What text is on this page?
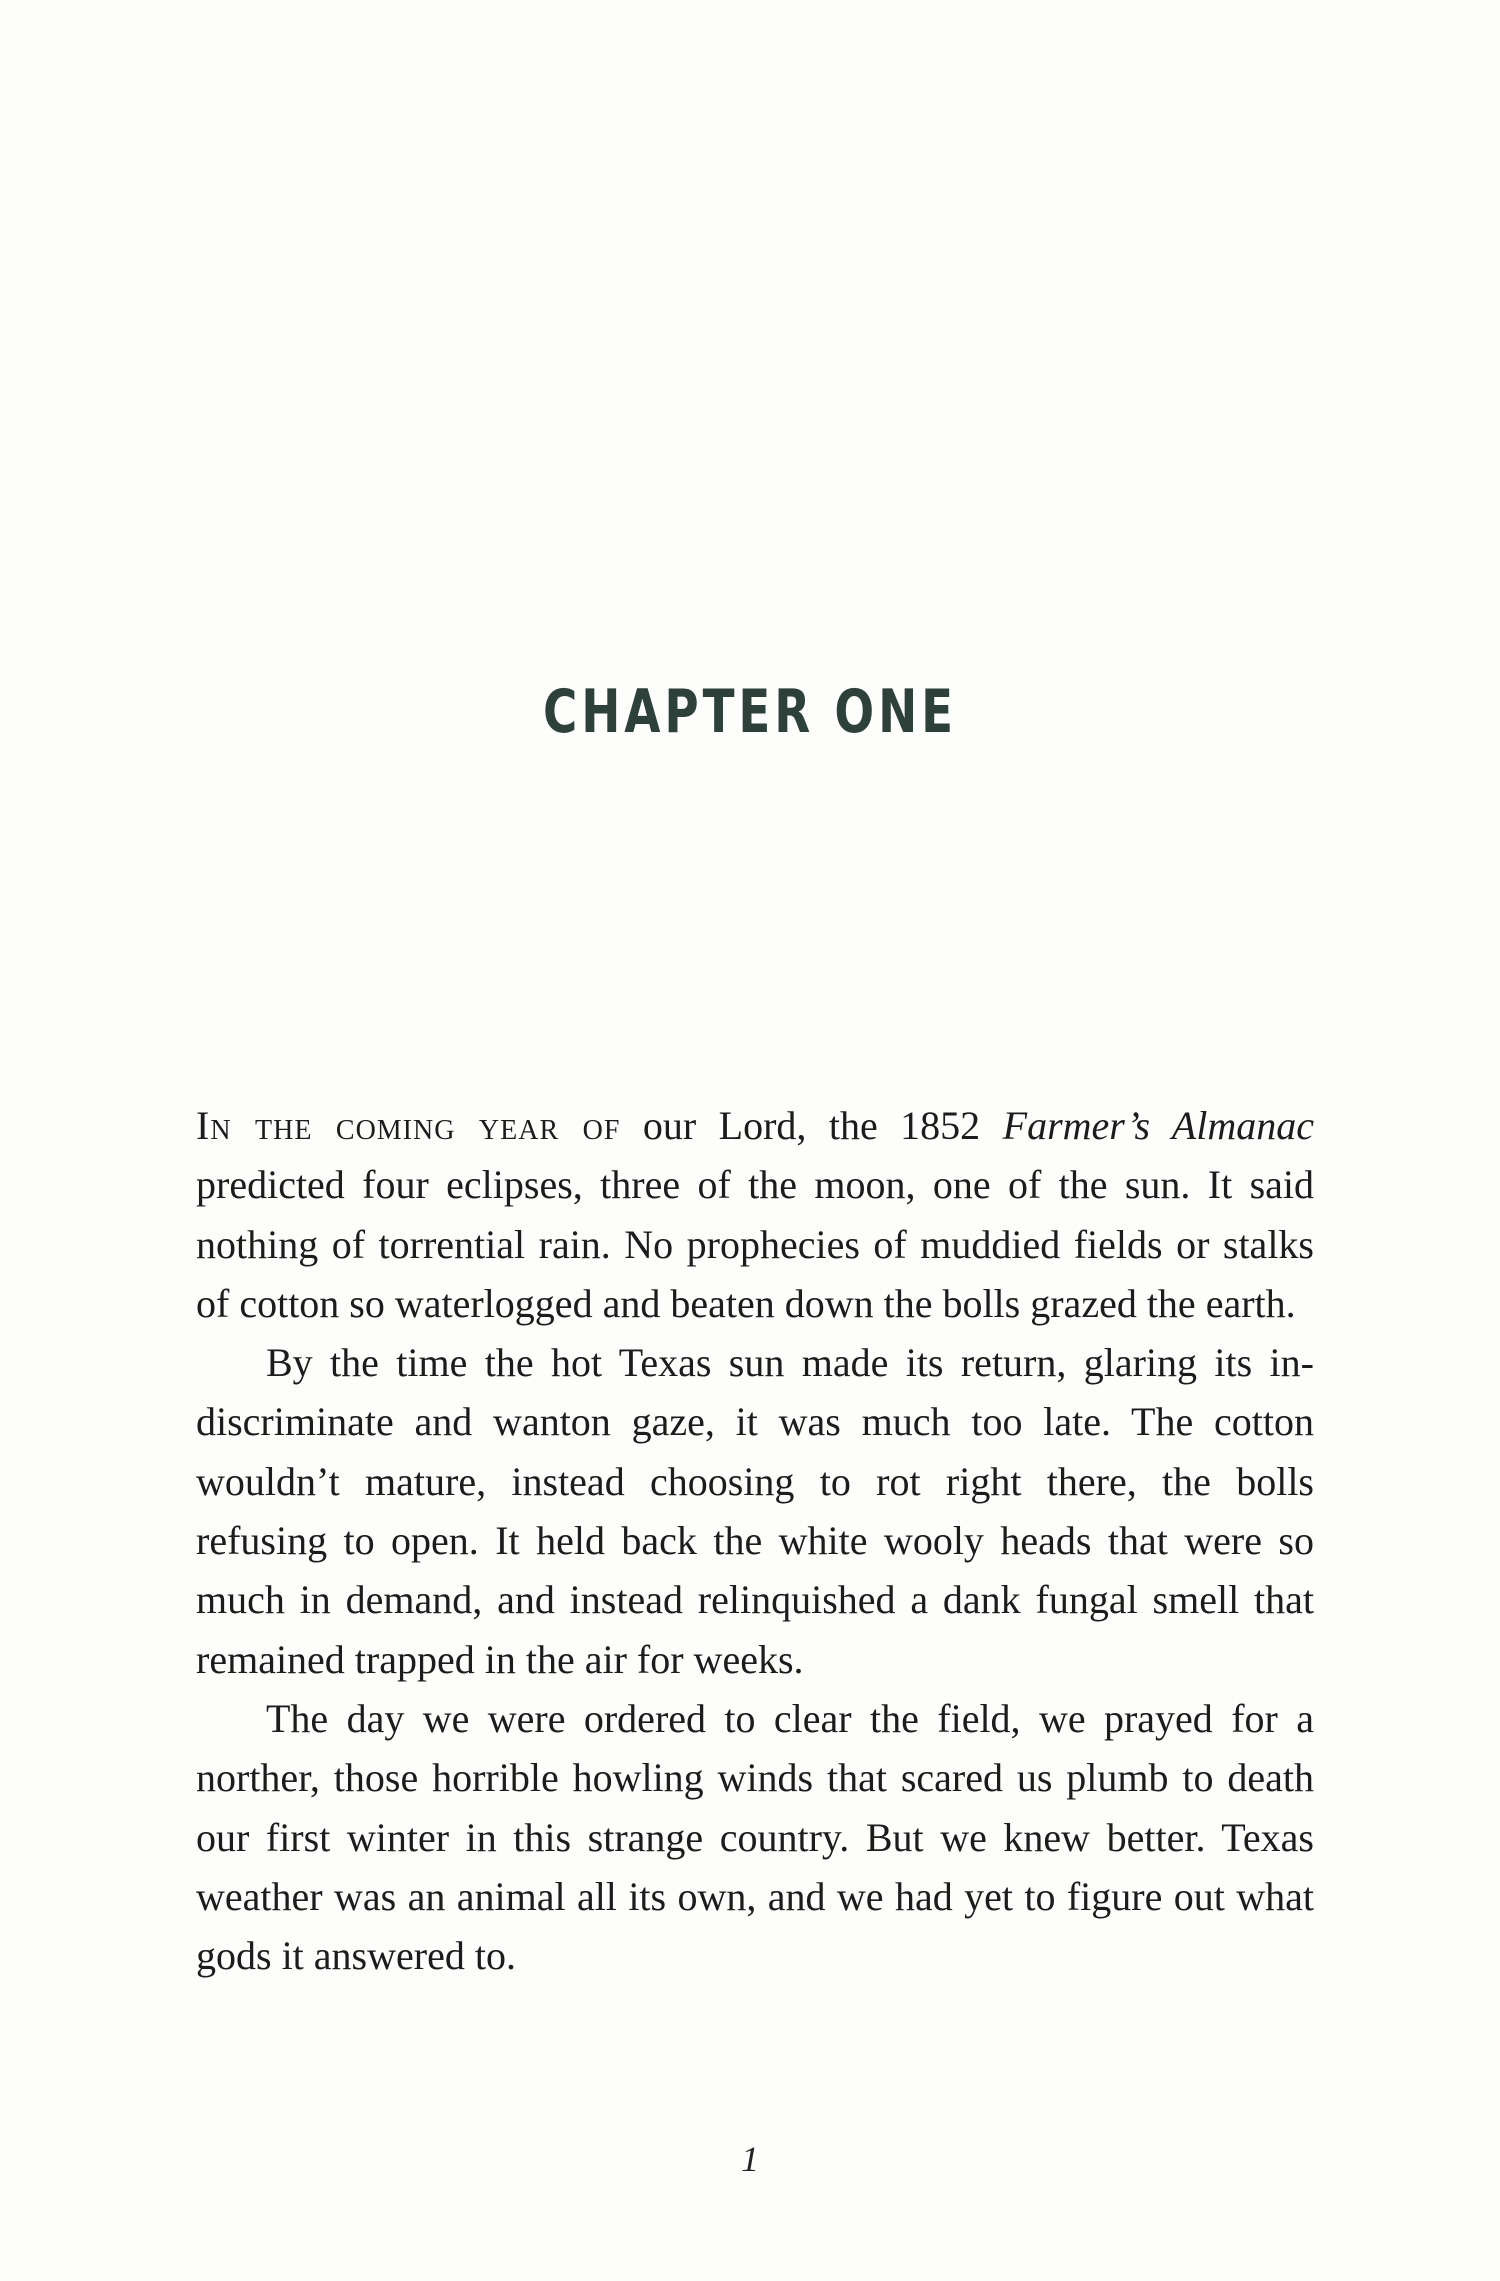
CHAPTER ONE

In the coming year of our Lord, the 1852 Farmer’s Almanac predicted four eclipses, three of the moon, one of the sun. It said nothing of torrential rain. No prophecies of muddied fields or stalks of cotton so waterlogged and beaten down the bolls grazed the earth.

By the time the hot Texas sun made its return, glaring its indiscriminate and wanton gaze, it was much too late. The cotton wouldn’t mature, instead choosing to rot right there, the bolls refusing to open. It held back the white wooly heads that were so much in demand, and instead relinquished a dank fungal smell that remained trapped in the air for weeks.

The day we were ordered to clear the field, we prayed for a norther, those horrible howling winds that scared us plumb to death our first winter in this strange country. But we knew better. Texas weather was an animal all its own, and we had yet to figure out what gods it answered to.

1
